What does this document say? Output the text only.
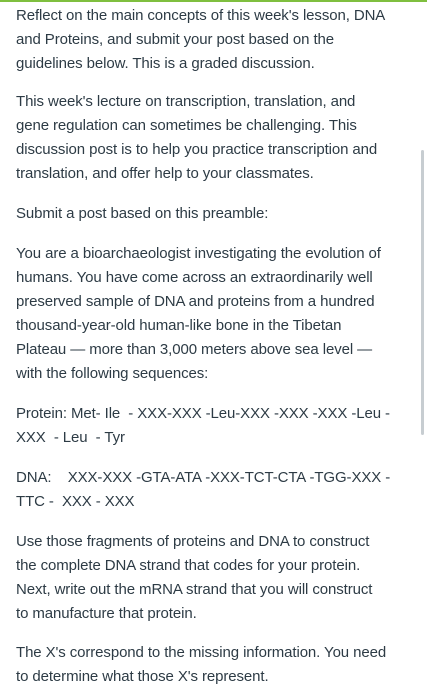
Reflect on the main concepts of this week's lesson, DNA
and Proteins, and submit your post based on the
guidelines below. This is a graded discussion.

This week's lecture on transcription, translation, and
gene regulation can sometimes be challenging. This
discussion post is to help you practice transcription and
translation, and offer help to your classmates.

Submit a post based on this preamble:

You are a bioarchaeologist investigating the evolution of
humans. You have come across an extraordinarily well
preserved sample of DNA and proteins from a hundred
thousand-year-old human-like bone in the Tibetan
Plateau — more than 3,000 meters above sea level —
with the following sequences:

Protein: Met- Ile  - XXX-XXX -Leu-XXX -XXX -XXX -Leu -
XXX  - Leu  - Tyr

DNA:    XXX-XXX -GTA-ATA -XXX-TCT-CTA -TGG-XXX -
TTC -  XXX - XXX

Use those fragments of proteins and DNA to construct
the complete DNA strand that codes for your protein.
Next, write out the mRNA strand that you will construct
to manufacture that protein.

The X's correspond to the missing information. You need
to determine what those X's represent.
